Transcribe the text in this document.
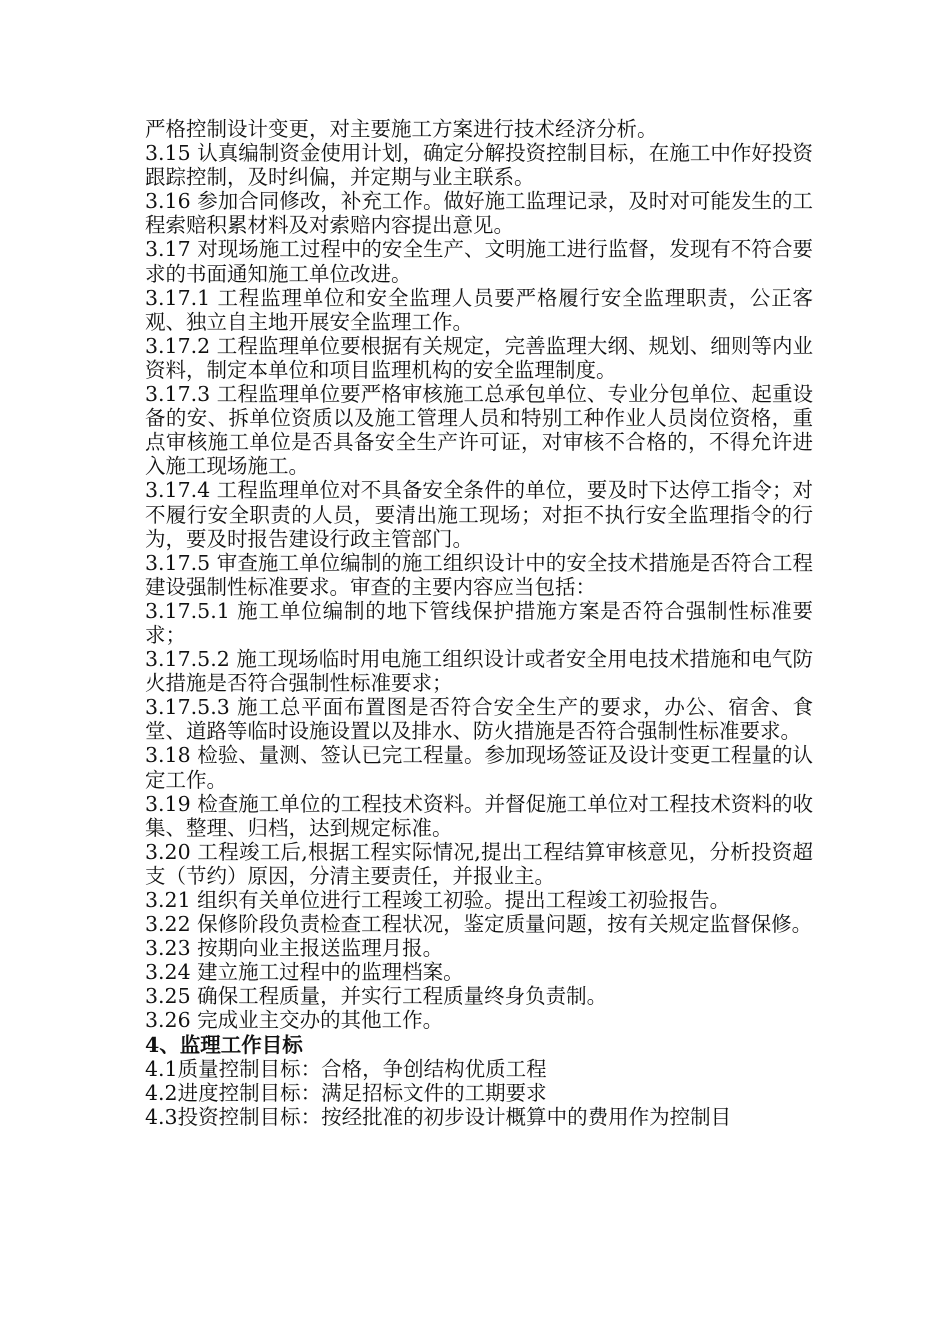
严格控制设计变更，对主要施工方案进行技术经济分析。

3.15 认真编制资金使用计划，确定分解投资控制目标，在施工中作好投资跟踪控制，及时纠偏，并定期与业主联系。

3.16 参加合同修改，补充工作。做好施工监理记录，及时对可能发生的工程索赔积累材料及对索赔内容提出意见。

3.17 对现场施工过程中的安全生产、文明施工进行监督，发现有不符合要求的书面通知施工单位改进。

3.17.1 工程监理单位和安全监理人员要严格履行安全监理职责，公正客观、独立自主地开展安全监理工作。

3.17.2 工程监理单位要根据有关规定，完善监理大纲、规划、细则等内业资料，制定本单位和项目监理机构的安全监理制度。

3.17.3 工程监理单位要严格审核施工总承包单位、专业分包单位、起重设备的安、拆单位资质以及施工管理人员和特别工种作业人员岗位资格，重点审核施工单位是否具备安全生产许可证，对审核不合格的，不得允许进入施工现场施工。

3.17.4 工程监理单位对不具备安全条件的单位，要及时下达停工指令；对不履行安全职责的人员，要清出施工现场；对拒不执行安全监理指令的行为，要及时报告建设行政主管部门。

3.17.5 审查施工单位编制的施工组织设计中的安全技术措施是否符合工程建设强制性标准要求。审查的主要内容应当包括：

3.17.5.1 施工单位编制的地下管线保护措施方案是否符合强制性标准要求；

3.17.5.2 施工现场临时用电施工组织设计或者安全用电技术措施和电气防火措施是否符合强制性标准要求；

3.17.5.3 施工总平面布置图是否符合安全生产的要求，办公、宿舍、食堂、道路等临时设施设置以及排水、防火措施是否符合强制性标准要求。

3.18 检验、量测、签认已完工程量。参加现场签证及设计变更工程量的认定工作。

3.19 检查施工单位的工程技术资料。并督促施工单位对工程技术资料的收集、整理、归档，达到规定标准。

3.20 工程竣工后,根据工程实际情况,提出工程结算审核意见，分析投资超支（节约）原因，分清主要责任，并报业主。

3.21 组织有关单位进行工程竣工初验。提出工程竣工初验报告。

3.22 保修阶段负责检查工程状况，鉴定质量问题，按有关规定监督保修。

3.23 按期向业主报送监理月报。

3.24 建立施工过程中的监理档案。

3.25 确保工程质量，并实行工程质量终身负责制。

3.26 完成业主交办的其他工作。

4、监理工作目标

4.1质量控制目标：合格，争创结构优质工程

4.2进度控制目标：满足招标文件的工期要求

4.3投资控制目标：按经批准的初步设计概算中的费用作为控制目
